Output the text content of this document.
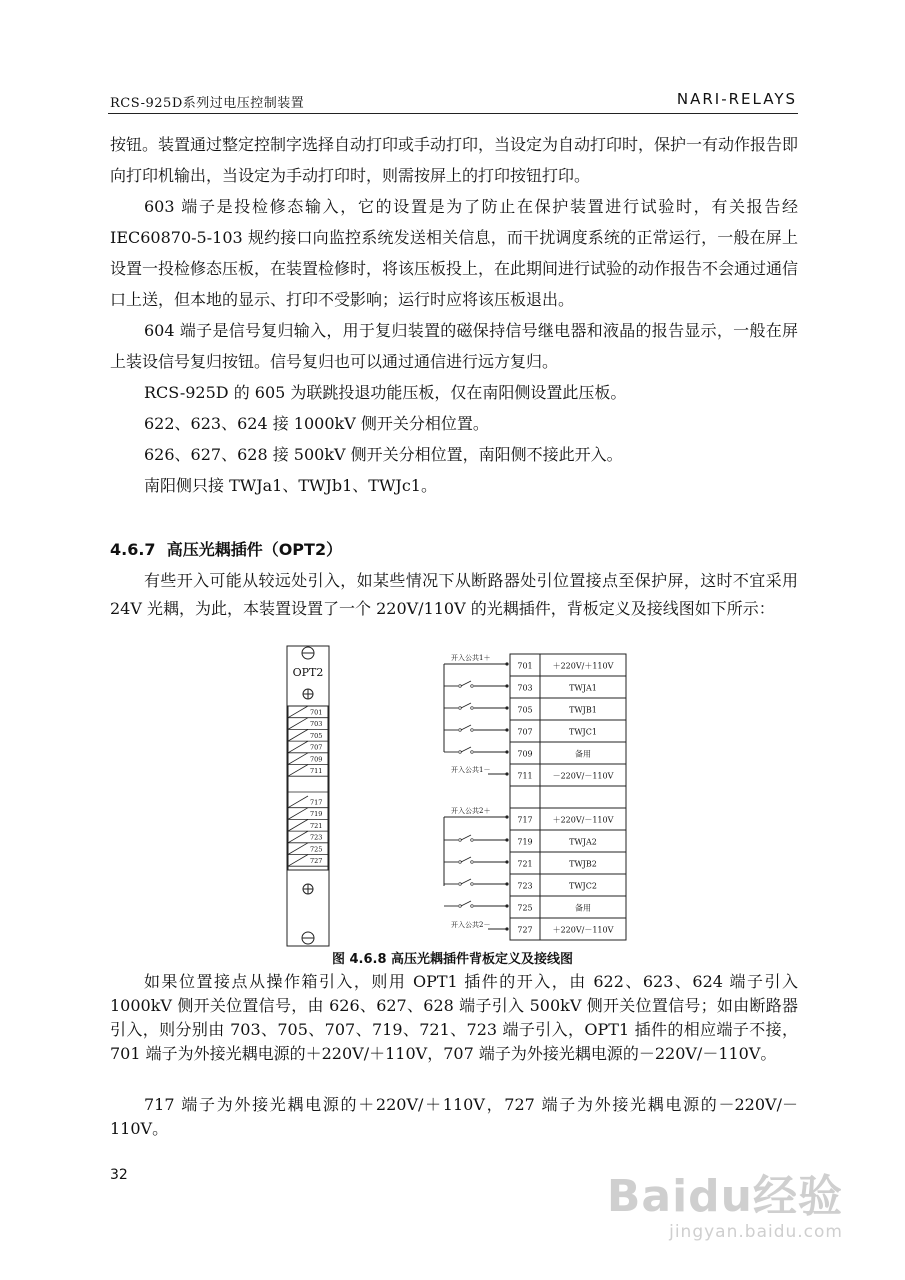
RCS-925D系列过电压控制装置	NARI-RELAYS

按钮。装置通过整定控制字选择自动打印或手动打印，当设定为自动打印时，保护一有动作报告即向打印机输出，当设定为手动打印时，则需按屏上的打印按钮打印。

603 端子是投检修态输入，它的设置是为了防止在保护装置进行试验时，有关报告经 IEC60870-5-103 规约接口向监控系统发送相关信息，而干扰调度系统的正常运行，一般在屏上设置一投检修态压板，在装置检修时，将该压板投上，在此期间进行试验的动作报告不会通过通信口上送，但本地的显示、打印不受影响；运行时应将该压板退出。

604 端子是信号复归输入，用于复归装置的磁保持信号继电器和液晶的报告显示，一般在屏上装设信号复归按钮。信号复归也可以通过通信进行远方复归。

RCS-925D 的 605 为联跳投退功能压板，仅在南阳侧设置此压板。

622、623、624 接 1000kV 侧开关分相位置。

626、627、628 接 500kV 侧开关分相位置，南阳侧不接此开入。

南阳侧只接 TWJa1、TWJb1、TWJc1。

4.6.7 高压光耦插件（OPT2）

有些开入可能从较远处引入，如某些情况下从断路器处引位置接点至保护屏，这时不宜采用 24V 光耦，为此，本装置设置了一个 220V/110V 的光耦插件，背板定义及接线图如下所示：

OPT2
701
703
705
707
709
711
717
719
721
723
725
727
701 ＋220V/＋110V
703	TWJA1
705	TWJB1
707	TWJC1
709	备用
711 －220V/－110V
717 ＋220V/－110V
719	TWJA2
721	TWJB2
723	TWJC2
725	备用
727 ＋220V/－110V
开入公共1＋
开入公共1－
开入公共2＋
开入公共2－
图 4.6.8 高压光耦插件背板定义及接线图

如果位置接点从操作箱引入，则用 OPT1 插件的开入，由 622、623、624 端子引入 1000kV 侧开关位置信号，由 626、627、628 端子引入 500kV 侧开关位置信号；如由断路器引入，则分别由 703、705、707、719、721、723 端子引入，OPT1 插件的相应端子不接，701 端子为外接光耦电源的＋220V/＋110V，707 端子为外接光耦电源的－220V/－110V。

717 端子为外接光耦电源的＋220V/＋110V，727 端子为外接光耦电源的－220V/－110V。

32	Baidu经验
jingyan.baidu.com
